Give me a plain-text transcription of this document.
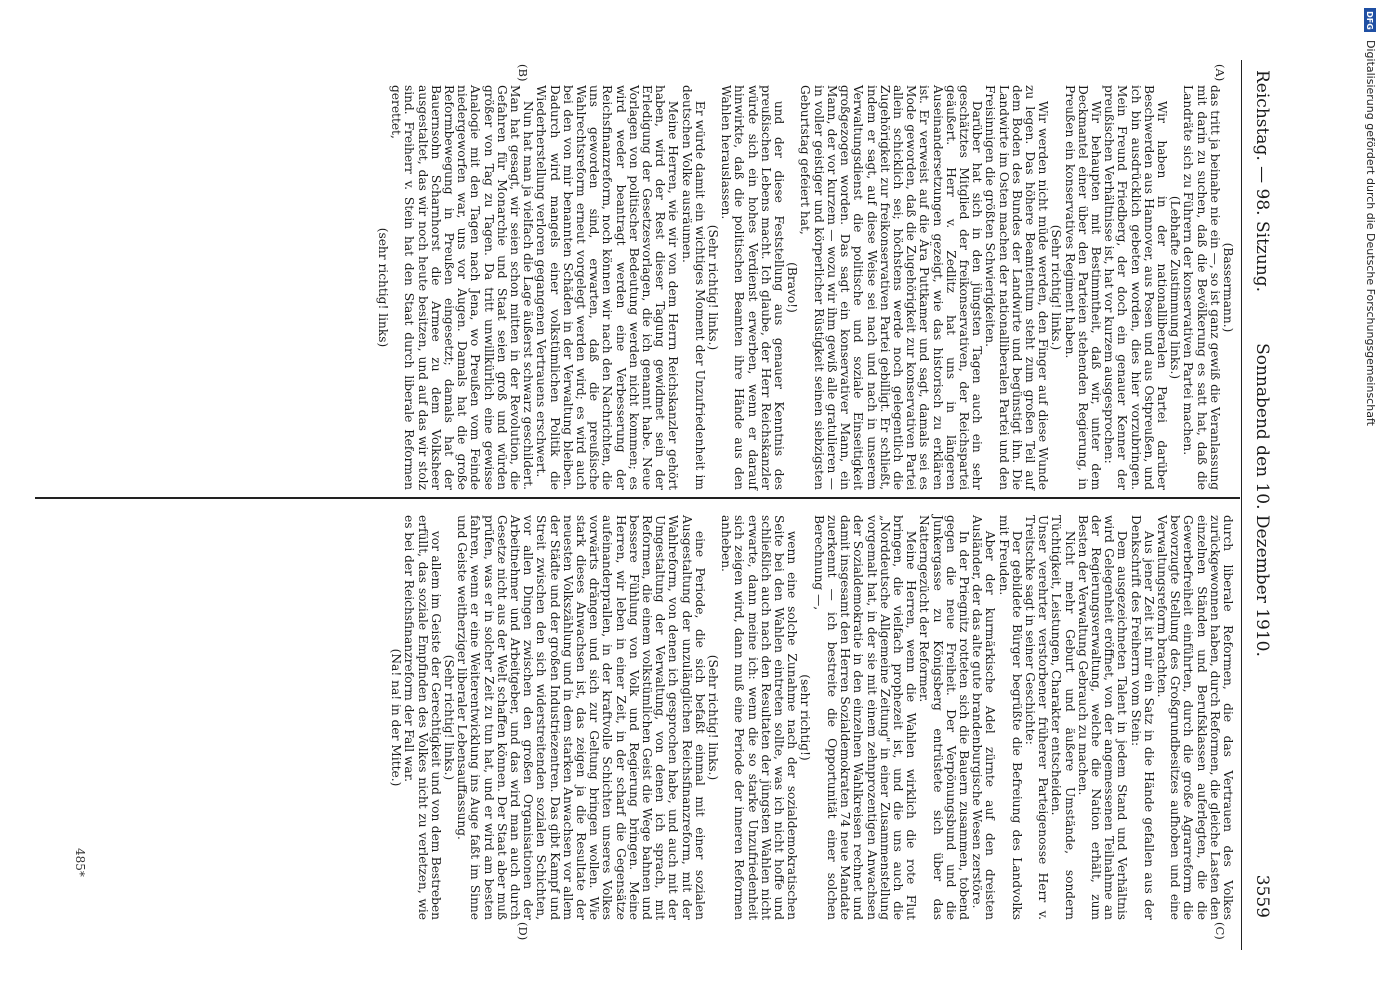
Reichstag. — 98. Sitzung.
Sonnabend den 10. Dezember 1910.
3559
(A)
(B)
(C)
(D)

(Bassermann.)

das tritt ja beinahe nie ein —, so ist ganz gewiß die Veranlassung mit darin zu suchen, daß die Bevölkerung es satt hat, daß die Landräte sich zu Führern der konservativen Partei machen.

(Lebhafte Zustimmung links.)

Wir haben in der nationalliberalen Partei darüber Beschwerden aus Hannover, aus Posen und aus Ostpreußen, und ich bin ausdrücklich gebeten worden, dies hier vorzubringen. Mein Freund Friedberg, der doch ein genauer Kenner der preußischen Verhältnisse ist, hat vor kurzem ausgesprochen:

Wir behaupten mit Bestimmtheit, daß wir, unter dem Deckmantel einer über den Parteien stehenden Regierung, in Preußen ein konservatives Regiment haben.

(Sehr richtig! links.)

Wir werden nicht müde werden, den Finger auf diese Wunde zu legen. Das höhere Beamtentum steht zum großen Teil auf dem Boden des Bundes der Landwirte und begünstigt ihn. Die Landwirte im Osten machen der nationalliberalen Partei und den Freisinnigen die größten Schwierigkeiten.

Darüber hat sich in den jüngsten Tagen auch ein sehr geschätztes Mitglied der freikonservativen, der Reichspartei geäußert. Herr v. Zedlitz hat uns in längeren Auseinandersetzungen gezeigt, wie das historisch zu erklären ist. Er verweist auf die Ära Puttkamer und sagt, damals sei es Mode geworden, daß die Zugehörigkeit zur konservativen Partei allein schicklich sei; höchstens werde noch gelegentlich die Zugehörigkeit zur freikonservativen Partei gebilligt. Er schließt, indem er sagt, auf diese Weise sei nach und nach in unserem Verwaltungsdienst die politische und soziale Einseitigkeit großgezogen worden. Das sagt ein konservativer Mann, ein Mann, der vor kurzem — wozu wir ihm gewiß alle gratulieren — in voller geistiger und körperlicher Rüstigkeit seinen siebzigsten Geburtstag gefeiert hat,

(Bravo!)

und der diese Feststellung aus genauer Kenntnis des preußischen Lebens macht. Ich glaube, der Herr Reichskanzler würde sich ein hohes Verdienst erwerben, wenn er darauf hinwirkte, daß die politischen Beamten ihre Hände aus den Wahlen herauslassen.

(Sehr richtig! links.)

Er würde damit ein wichtiges Moment der Unzufriedenheit im deutschen Volke ausräumen.

Meine Herren, wie wir von dem Herrn Reichskanzler gehört haben, wird der Rest dieser Tagung gewidmet sein der Erledigung der Gesetzesvorlagen, die ich genannt habe. Neue Vorlagen von politischer Bedeutung werden nicht kommen; es wird weder beantragt werden eine Verbesserung der Reichsfinanzreform, noch können wir nach den Nachrichten, die uns geworden sind, erwarten, daß die preußische Wahlrechtsreform erneut vorgelegt werden wird; es wird auch bei den von mir benannten Schäden in der Verwaltung bleiben. Dadurch wird mangels einer volkstümlichen Politik die Wiederherstellung verloren gegangenen Vertrauens erschwert.

Nun hat man ja vielfach die Lage äußerst schwarz geschildert. Man hat gesagt, wir seien schon mitten in der Revolution, die Gefahren für Monarchie und Staat seien groß und würden größer von Tag zu Tagen. Da tritt unwillkürlich eine gewisse Analogie mit den Tagen nach Jena, wo Preußen vom Feinde niedergeworfen war, uns vor Augen. Damals hat die große Reformbewegung in Preußen eingesetzt; damals hat der Bauernsohn Scharnhorst die Armee zu dem Volksheer ausgestaltet, das wir noch heute besitzen, und auf das wir stolz sind. Freiherr v. Stein hat den Staat durch liberale Reformen gerettet,

(sehr richtig! links)

durch liberale Reformen, die das Vertrauen des Volkes zurückgewonnen haben, durch Reformen, die gleiche Lasten den einzelnen Ständen und Berufsklassen auferlegten, die die Gewerbefreiheit einführten, durch die große Agrarreform die bevorzugte Stellung des Großgrundbesitzes aufhoben und eine Verwaltungsreform brachten.

Aus jener Zeit ist mir ein Satz in die Hände gefallen aus der Denkschrift des Freiherrn vom Stein:

Dem ausgezeichneten Talent in jedem Stand und Verhältnis wird Gelegenheit eröffnet, von der angemessenen Teilnahme an der Regierungsverwaltung, welche die Nation erhält, zum Besten der Verwaltung Gebrauch zu machen.

Nicht mehr Geburt und äußere Umstände, sondern Tüchtigkeit, Leistungen, Charakter entscheiden.

Unser verehrter verstorbener früherer Parteigenosse Herr v. Treitschke sagt in seiner Geschichte:

Der gebildete Bürger begrüßte die Befreiung des Landvolks mit Freuden.

Aber der kurmärkische Adel zürnte auf den dreisten Ausländer, der das alte gute brandenburgische Wesen zerstöre.

In der Priegnitz rotteten sich die Bauern zusammen, tobend gegen die neue Freiheit. Der Verpönungsbund und die Junkergasse zu Königsberg entrüstete sich über das Natterngezücht der Reformer.

Meine Herren, wenn die Wahlen wirklich die rote Flut bringen, die vielfach prophezeit ist, und die uns auch die „Norddeutsche Allgemeine Zeitung" in einer Zusammenstellung vorgemalt hat, in der sie mit einem zehnprozentigen Anwachsen der Sozialdemokratie in den einzelnen Wahlkreisen rechnet und damit insgesamt den Herren Sozialdemokraten 74 neue Mandate zuerkennt — ich bestreite die Opportunität einer solchen Berechnung —,

(sehr richtig!)

wenn eine solche Zunahme nach der sozialdemokratischen Seite bei den Wahlen eintreten sollte, was ich nicht hoffe und schließlich auch nach den Resultaten der jüngsten Wahlen nicht erwarte, dann meine ich: wenn die so starke Unzufriedenheit sich zeigen wird, dann muß eine Periode der inneren Reformen anheben.

(Sehr richtig! links.)

eine Periode, die sich befaßt einmal mit einer sozialen Ausgestaltung der unzulänglichen Reichsfinanzreform, mit der Wahlreform, von denen ich gesprochen habe, und auch mit der Umgestaltung der Verwaltung, von denen ich sprach, mit Reformen, die einem volkstümlichen Geist die Wege bahnen und bessere Fühlung von Volk und Regierung bringen. Meine Herren, wir leben in einer Zeit, in der scharf die Gegensätze aufeinanderprallen, in der kraftvolle Schichten unseres Volkes vorwärts drängen und sich zur Geltung bringen wollen. Wie stark dieses Anwachsen ist, das zeigen ja die Resultate der neuesten Volkszählung und in dem starken Anwachsen vor allem der Städte und der großen Industriezentren. Das gibt Kampf und Streit zwischen den sich widerstreitenden sozialen Schichten, vor allen Dingen zwischen den großen Organisationen der Arbeitnehmer und Arbeitgeber, und das wird man auch durch Gesetze nicht aus der Welt schaffen können. Der Staat aber muß prüfen, was er in solcher Zeit zu tun hat, und er wird am besten fahren, wenn er eine Weiterentwicklung ins Auge faßt im Sinne und Geiste weitherziger liberaler Lebensauffassung.

(Sehr richtig! links.)

vor allem im Geiste der Gerechtigkeit und von dem Bestreben erfüllt, das soziale Empfinden des Volkes nicht zu verletzen, wie es bei der Reichsfinanzreform der Fall war.

(Na! na! in der Mitte.)

485*
DFG
Digitalisierung gefördert durch die Deutsche Forschungsgemeinschaft
